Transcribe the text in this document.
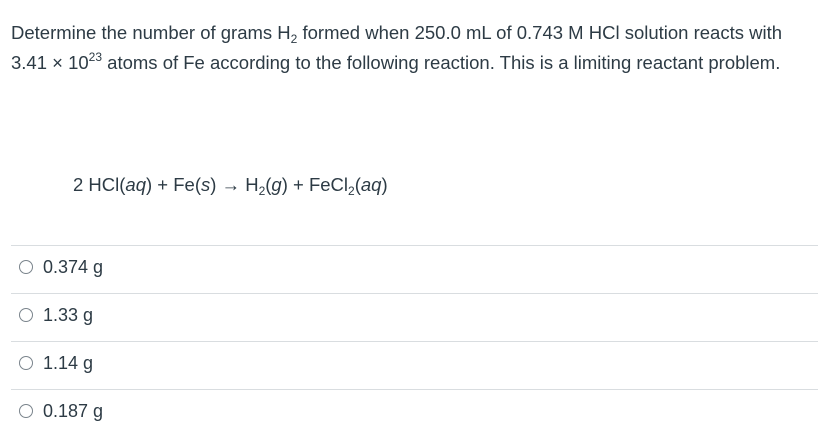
Determine the number of grams $H_2$ formed when 250.0 mL of 0.743 M HCl solution reacts with $3.41 \times 10^{23}$ atoms of Fe according to the following reaction. This is a limiting reactant problem.
2 $HCl(aq) + Fe(s) \to H_2(g)$ + FeCl$_2$(aq)
0.374 g
1.33 g
1.14 g
0.187 g
